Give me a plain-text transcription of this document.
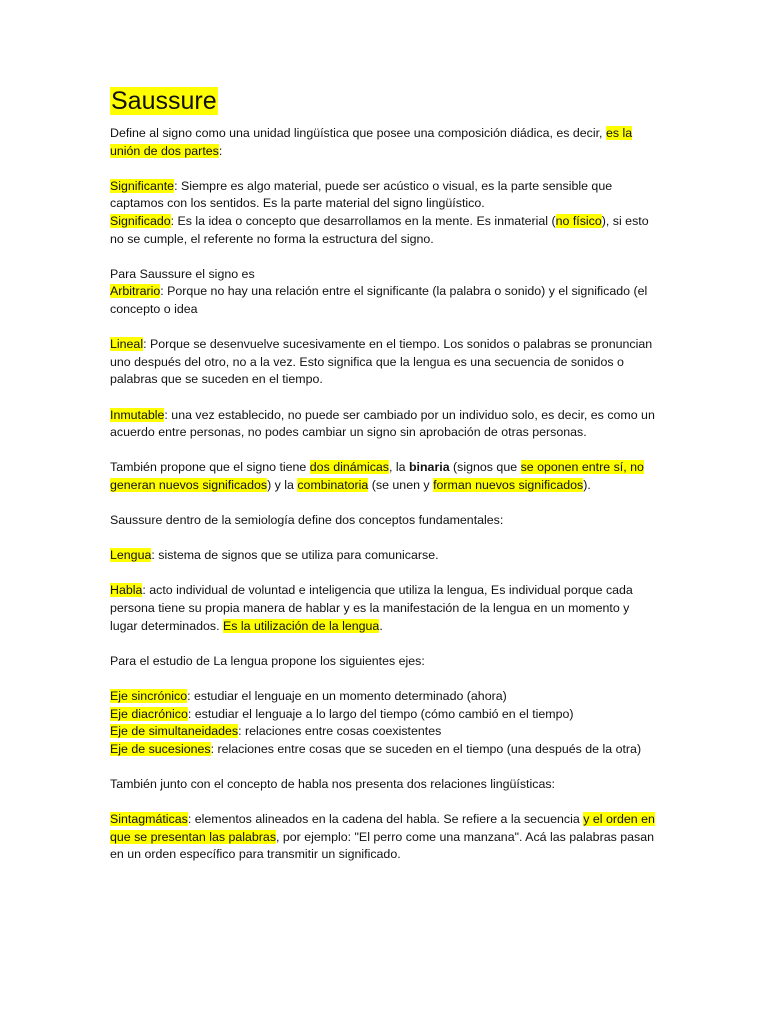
Saussure

Define al signo como una unidad lingüística que posee una composición diádica, es decir, es la unión de dos partes:

Significante: Siempre es algo material, puede ser acústico o visual, es la parte sensible que captamos con los sentidos. Es la parte material del signo lingüístico.

Significado: Es la idea o concepto que desarrollamos en la mente. Es inmaterial (no físico), si esto no se cumple, el referente no forma la estructura del signo.

Para Saussure el signo es

Arbitrario: Porque no hay una relación entre el significante (la palabra o sonido) y el significado (el concepto o idea

Lineal: Porque se desenvuelve sucesivamente en el tiempo. Los sonidos o palabras se pronuncian uno después del otro, no a la vez. Esto significa que la lengua es una secuencia de sonidos o palabras que se suceden en el tiempo.

Inmutable: una vez establecido, no puede ser cambiado por un individuo solo, es decir, es como un acuerdo entre personas, no podes cambiar un signo sin aprobación de otras personas.

También propone que el signo tiene dos dinámicas, la binaria (signos que se oponen entre sí, no generan nuevos significados) y la combinatoria (se unen y forman nuevos significados).

Saussure dentro de la semiología define dos conceptos fundamentales:

Lengua: sistema de signos que se utiliza para comunicarse.

Habla: acto individual de voluntad e inteligencia que utiliza la lengua, Es individual porque cada persona tiene su propia manera de hablar y es la manifestación de la lengua en un momento y lugar determinados. Es la utilización de la lengua.

Para el estudio de La lengua propone los siguientes ejes:

Eje sincrónico: estudiar el lenguaje en un momento determinado (ahora)

Eje diacrónico: estudiar el lenguaje a lo largo del tiempo (cómo cambió en el tiempo)

Eje de simultaneidades: relaciones entre cosas coexistentes

Eje de sucesiones: relaciones entre cosas que se suceden en el tiempo (una después de la otra)

También junto con el concepto de habla nos presenta dos relaciones lingüísticas:

Sintagmáticas: elementos alineados en la cadena del habla. Se refiere a la secuencia y el orden en que se presentan las palabras, por ejemplo: "El perro come una manzana". Acá las palabras pasan en un orden específico para transmitir un significado.
